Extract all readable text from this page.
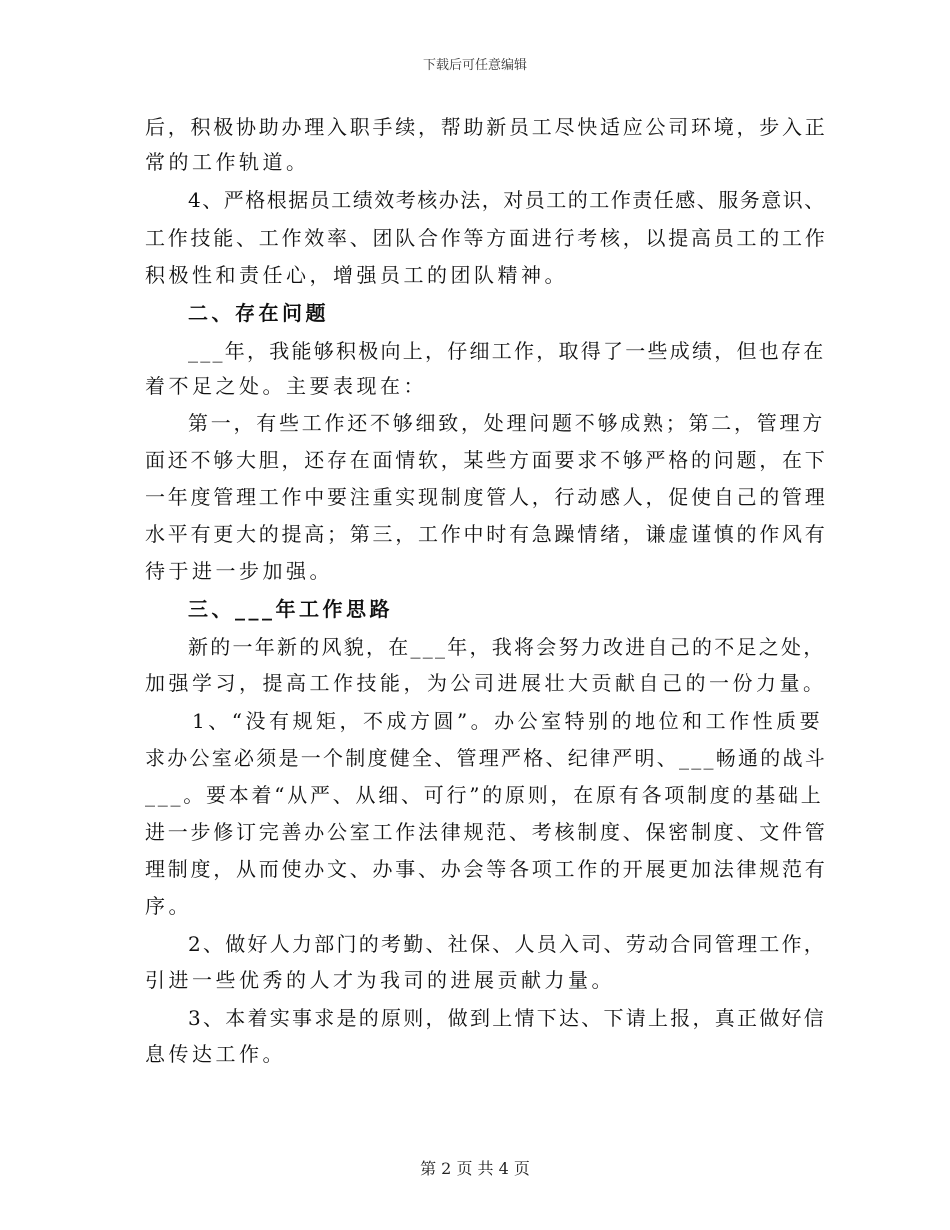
下载后可任意编辑
后，积极协助办理入职手续，帮助新员工尽快适应公司环境，步入正
常的工作轨道。
4、严格根据员工绩效考核办法，对员工的工作责任感、服务意识、
工作技能、工作效率、团队合作等方面进行考核，以提高员工的工作
积极性和责任心，增强员工的团队精神。
二、存在问题
___年，我能够积极向上，仔细工作，取得了一些成绩，但也存在
着不足之处。主要表现在：
第一，有些工作还不够细致，处理问题不够成熟；第二，管理方
面还不够大胆，还存在面情软，某些方面要求不够严格的问题，在下
一年度管理工作中要注重实现制度管人，行动感人，促使自己的管理
水平有更大的提高；第三，工作中时有急躁情绪，谦虚谨慎的作风有
待于进一步加强。
三、___年工作思路
新的一年新的风貌，在___年，我将会努力改进自己的不足之处，
加强学习，提高工作技能，为公司进展壮大贡献自己的一份力量。
1、“没有规矩，不成方圆”。办公室特别的地位和工作性质要
求办公室必须是一个制度健全、管理严格、纪律严明、___畅通的战斗
___。要本着“从严、从细、可行”的原则，在原有各项制度的基础上
进一步修订完善办公室工作法律规范、考核制度、保密制度、文件管
理制度，从而使办文、办事、办会等各项工作的开展更加法律规范有
序。
2、做好人力部门的考勤、社保、人员入司、劳动合同管理工作，
引进一些优秀的人才为我司的进展贡献力量。
3、本着实事求是的原则，做到上情下达、下请上报，真正做好信
息传达工作。
第 2 页 共 4 页
